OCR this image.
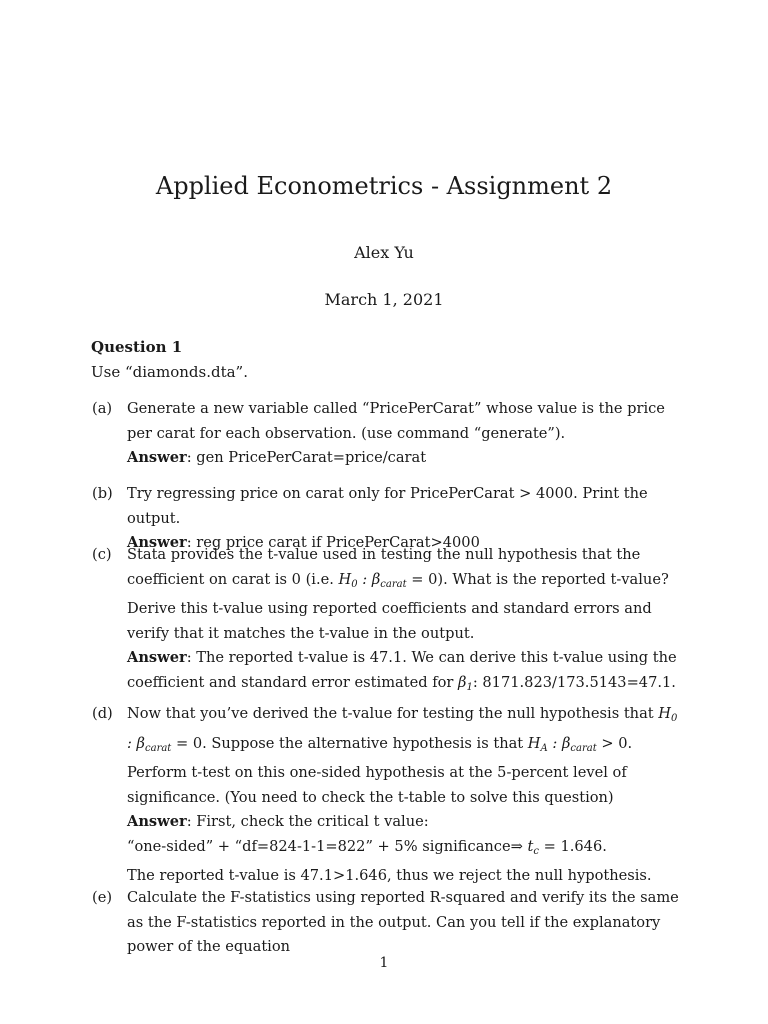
Applied Econometrics - Assignment 2
Alex Yu
March 1, 2021
Question 1
Use “diamonds.dta”.
(a)	Generate a new variable called “PricePerCarat” whose value is the price per carat for each observation. (use command “generate”).
Answer: gen PricePerCarat=price/carat
(b) Try regressing price on carat only for PricePerCarat > 4000. Print the output.
Answer: reg price carat if PricePerCarat>4000
(c)	Stata provides the t-value used in testing the null hypothesis that the coefficient on carat is 0 (i.e. $H_0$ : $\beta_{carat} = 0$). What is the reported t-value? Derive this t-value using reported coefficients and standard errors and verify that it matches the t-value in the output.
Answer: The reported t-value is 47.1. We can derive this t-value using the coefficient and standard error estimated for $\beta_1$: 8171.823/173.5143=47.1.
(d) Now that you’ve derived the t-value for testing the null hypothesis that $H_0$ : $\beta_{carat} = 0$. Suppose the alternative hypothesis is that $H_A$ : $\beta_{carat} > 0$. Perform t-test on this one-sided hypothesis at the 5-percent level of significance. (You need to check the t-table to solve this question)
Answer: First, check the critical t value:
“one-sided” + “df=824-1-1=822” + 5% significance⇒ $t_c = 1.646$.
The reported t-value is 47.1>1.646, thus we reject the null hypothesis.
(e)	Calculate the F-statistics using reported R-squared and verify its the same as the F-statistics reported in the output. Can you tell if the explanatory power of the equation
1
